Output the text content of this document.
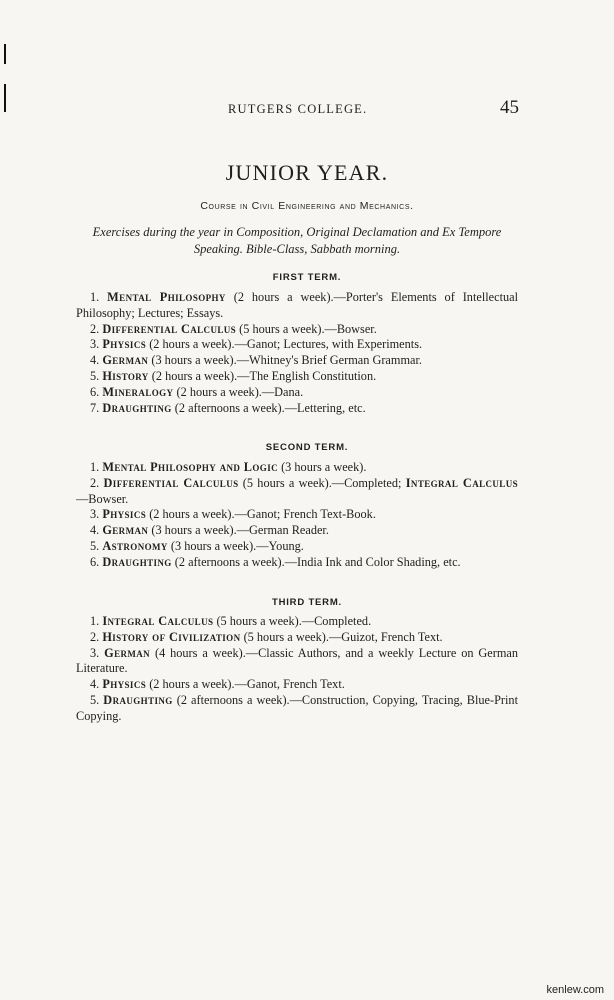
RUTGERS COLLEGE.	45
JUNIOR YEAR.
Course in Civil Engineering and Mechanics.
Exercises during the year in Composition, Original Declamation and Ex Tempore Speaking. Bible-Class, Sabbath morning.
FIRST TERM.
1. Mental Philosophy (2 hours a week).—Porter's Elements of Intellectual Philosophy; Lectures; Essays.
2. Differential Calculus (5 hours a week).—Bowser.
3. Physics (2 hours a week).—Ganot; Lectures, with Experiments.
4. German (3 hours a week).—Whitney's Brief German Grammar.
5. History (2 hours a week).—The English Constitution.
6. Mineralogy (2 hours a week).—Dana.
7. Draughting (2 afternoons a week).—Lettering, etc.
SECOND TERM.
1. Mental Philosophy and Logic (3 hours a week).
2. Differential Calculus (5 hours a week).—Completed; Integral Calculus—Bowser.
3. Physics (2 hours a week).—Ganot; French Text-Book.
4. German (3 hours a week).—German Reader.
5. Astronomy (3 hours a week).—Young.
6. Draughting (2 afternoons a week).—India Ink and Color Shading, etc.
THIRD TERM.
1. Integral Calculus (5 hours a week).—Completed.
2. History of Civilization (5 hours a week).—Guizot, French Text.
3. German (4 hours a week).—Classic Authors, and a weekly Lecture on German Literature.
4. Physics (2 hours a week).—Ganot, French Text.
5. Draughting (2 afternoons a week).—Construction, Copying, Tracing, Blue-Print Copying.
kenlew.com
